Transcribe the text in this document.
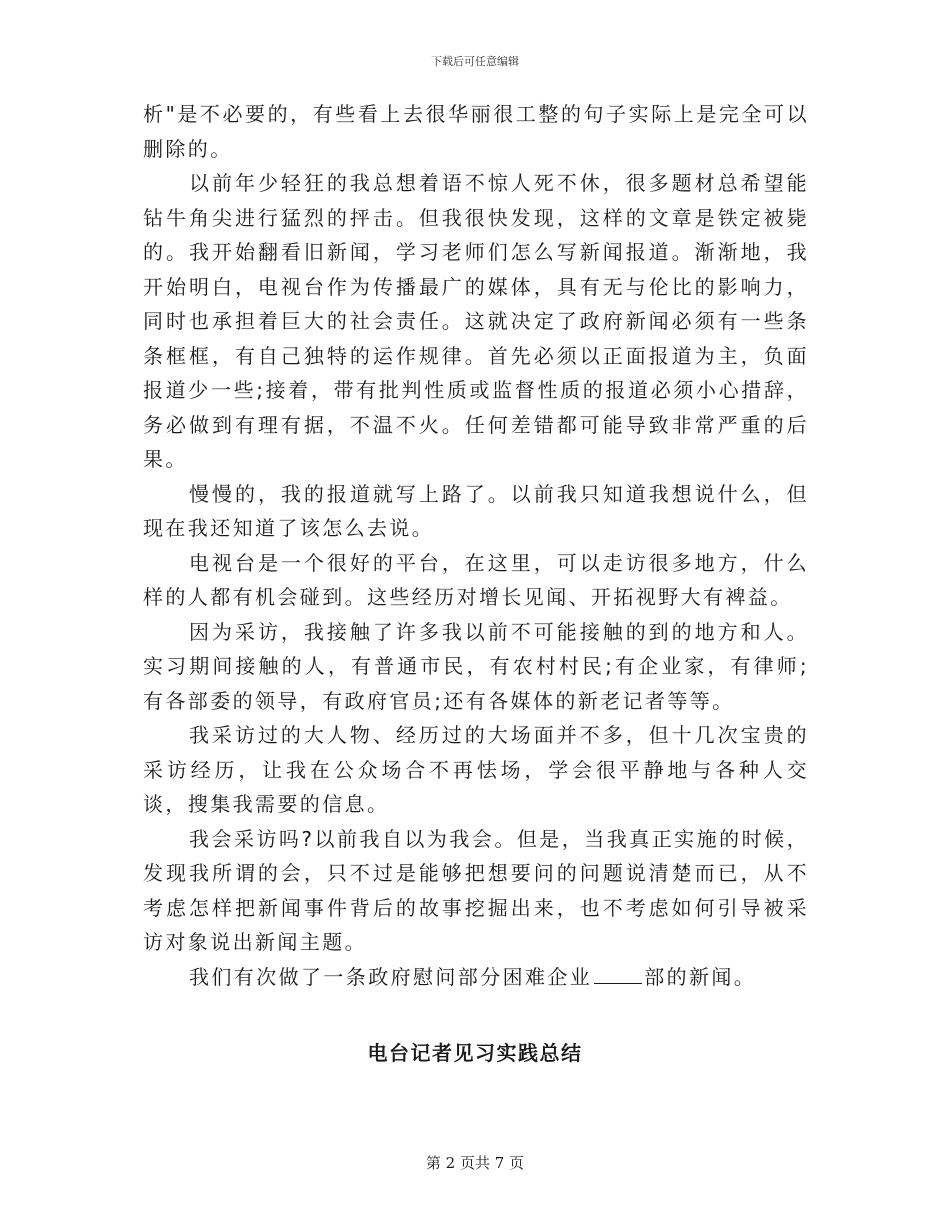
下载后可任意编辑

析"是不必要的，有些看上去很华丽很工整的句子实际上是完全可以删除的。

以前年少轻狂的我总想着语不惊人死不休，很多题材总希望能钻牛角尖进行猛烈的抨击。但我很快发现，这样的文章是铁定被毙的。我开始翻看旧新闻，学习老师们怎么写新闻报道。渐渐地，我开始明白，电视台作为传播最广的媒体，具有无与伦比的影响力，同时也承担着巨大的社会责任。这就决定了政府新闻必须有一些条条框框，有自己独特的运作规律。首先必须以正面报道为主，负面报道少一些;接着，带有批判性质或监督性质的报道必须小心措辞，务必做到有理有据，不温不火。任何差错都可能导致非常严重的后果。

慢慢的，我的报道就写上路了。以前我只知道我想说什么，但现在我还知道了该怎么去说。

电视台是一个很好的平台，在这里，可以走访很多地方，什么样的人都有机会碰到。这些经历对增长见闻、开拓视野大有裨益。

因为采访，我接触了许多我以前不可能接触的到的地方和人。实习期间接触的人，有普通市民，有农村村民;有企业家，有律师;有各部委的领导，有政府官员;还有各媒体的新老记者等等。

我采访过的大人物、经历过的大场面并不多，但十几次宝贵的采访经历，让我在公众场合不再怯场，学会很平静地与各种人交谈，搜集我需要的信息。

我会采访吗?以前我自以为我会。但是，当我真正实施的时候，发现我所谓的会，只不过是能够把想要问的问题说清楚而已，从不考虑怎样把新闻事件背后的故事挖掘出来，也不考虑如何引导被采访对象说出新闻主题。

我们有次做了一条政府慰问部分困难企业	部的新闻。

电台记者见习实践总结
第 2 页共 7 页
